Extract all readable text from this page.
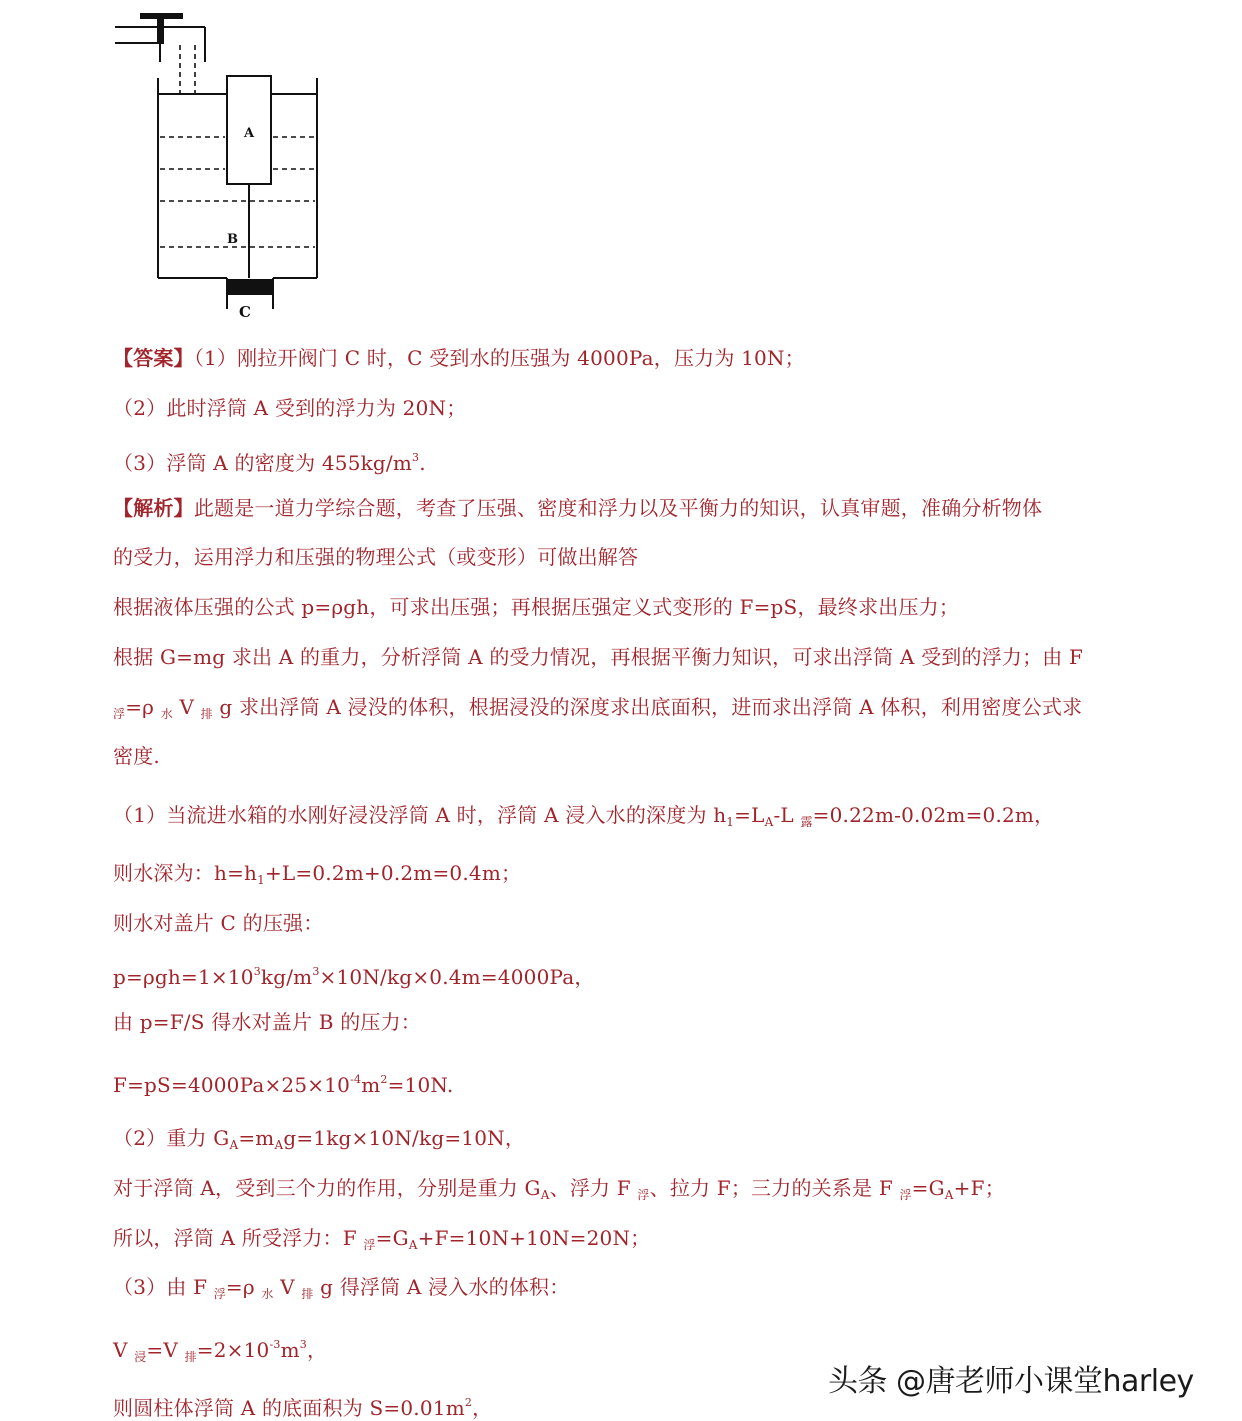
A
B
C

【答案】（1）刚拉开阀门 C 时，C 受到水的压强为 4000Pa，压力为 10N；

（2）此时浮筒 A 受到的浮力为 20N；

（3）浮筒 A 的密度为 $455kg/m^3$.

【解析】此题是一道力学综合题，考查了压强、密度和浮力以及平衡力的知识，认真审题，准确分析物体

的受力，运用浮力和压强的物理公式（或变形）可做出解答

根据液体压强的公式 p=ρgh，可求出压强；再根据压强定义式变形的 F=pS，最终求出压力；

根据 G=mg 求出 A 的重力，分析浮筒 A 的受力情况，再根据平衡力知识，可求出浮筒 A 受到的浮力；由 F

$_浮$=ρ $_水$ V $_排$ g 求出浮筒 A 浸没的体积，根据浸没的深度求出底面积，进而求出浮筒 A 体积，利用密度公式求

密度.

（1）当流进水箱的水刚好浸没浮筒 A 时，浮筒 A 浸入水的深度为 $h_1=L_A-L$ $_露$=0.22m-0.02m=0.2m，

则水深为：$h=h_1+L=0.2m+0.2m=0.4m$；

则水对盖片 C 的压强：

$p=\rho gh=1\times 10^3kg/m^3\times 10N/kg\times 0.4m=4000Pa$，

由 p=F/S 得水对盖片 B 的压力：

$F=pS=4000Pa\times 25\times 10^{-4}m^2=10N$.

（2）重力 $G_A=m_Ag=1kg\times 10N/kg=10N$，

对于浮筒 A，受到三个力的作用，分别是重力 $G_A$、浮力 F $_浮$、拉力 F；三力的关系是 F $_浮=G_A+F$；

所以，浮筒 A 所受浮力：F $_浮=G_A+F=10N+10N=20N$；

（3）由 F $_浮$=ρ $_水$ V $_排$ g 得浮筒 A 浸入水的体积：

V $_浸$=V $_排=2\times 10^{-3}m^3$，

则圆柱体浮筒 A 的底面积为 $S=0.01m^2$，

头条 @唐老师小课堂harley
